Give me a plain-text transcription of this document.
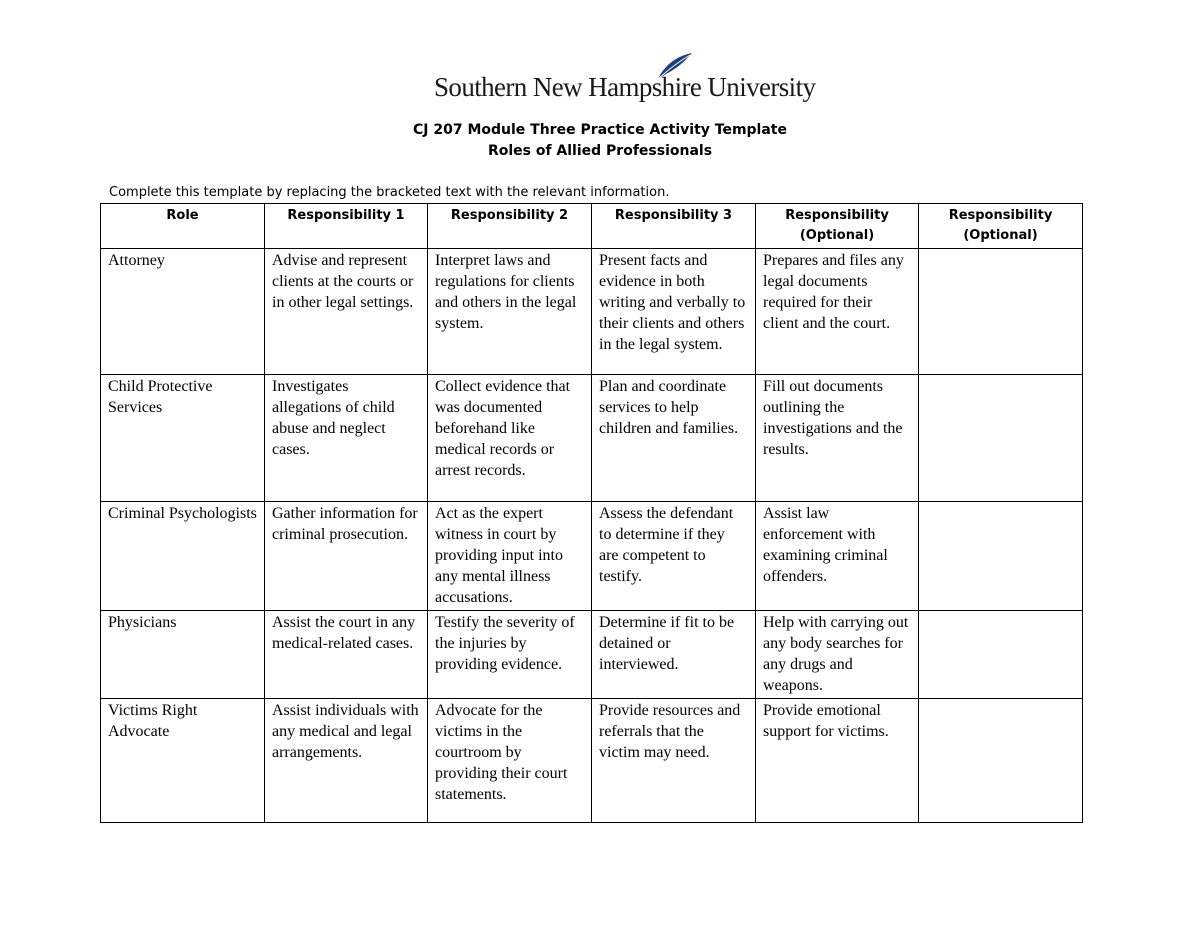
Southern New Hampshire University
CJ 207 Module Three Practice Activity Template
Roles of Allied Professionals
Complete this template by replacing the bracketed text with the relevant information.
Role	Responsibility 1	Responsibility 2	Responsibility 3	Responsibility (Optional)	Responsibility (Optional)
Attorney	Advise and represent clients at the courts or in other legal settings.	Interpret laws and regulations for clients and others in the legal system.	Present facts and evidence in both writing and verbally to their clients and others in the legal system.	Prepares and files any legal documents required for their client and the court.	
Child Protective Services	Investigates allegations of child abuse and neglect cases.	Collect evidence that was documented beforehand like medical records or arrest records.	Plan and coordinate services to help children and families.	Fill out documents outlining the investigations and the results.	
Criminal Psychologists	Gather information for criminal prosecution.	Act as the expert witness in court by providing input into any mental illness accusations.	Assess the defendant to determine if they are competent to testify.	Assist law enforcement with examining criminal offenders.	
Physicians	Assist the court in any medical-related cases.	Testify the severity of the injuries by providing evidence.	Determine if fit to be detained or interviewed.	Help with carrying out any body searches for any drugs and weapons.	
Victims Right Advocate	Assist individuals with any medical and legal arrangements.	Advocate for the victims in the courtroom by providing their court statements.	Provide resources and referrals that the victim may need.	Provide emotional support for victims.	
